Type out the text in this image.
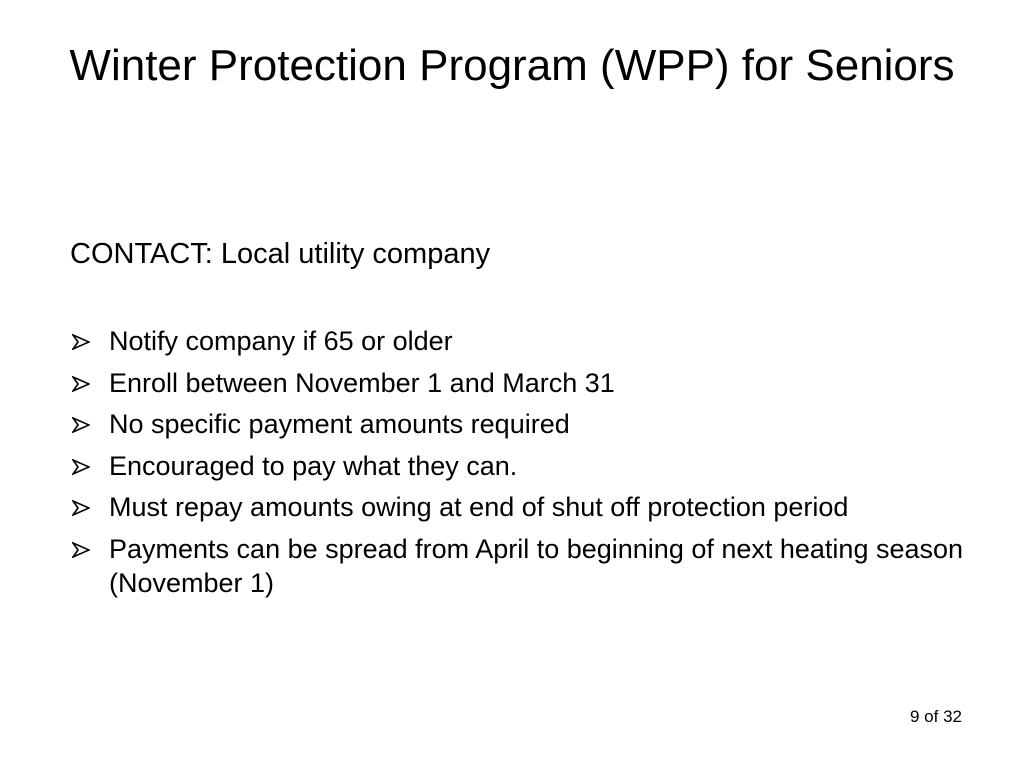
Winter Protection Program (WPP) for Seniors

CONTACT: Local utility company

Notify company if 65 or older
Enroll between November 1 and March 31
No specific payment amounts required
Encouraged to pay what they can.
Must repay amounts owing at end of shut off protection period
Payments can be spread from April to beginning of next heating season (November 1)

9 of 32
